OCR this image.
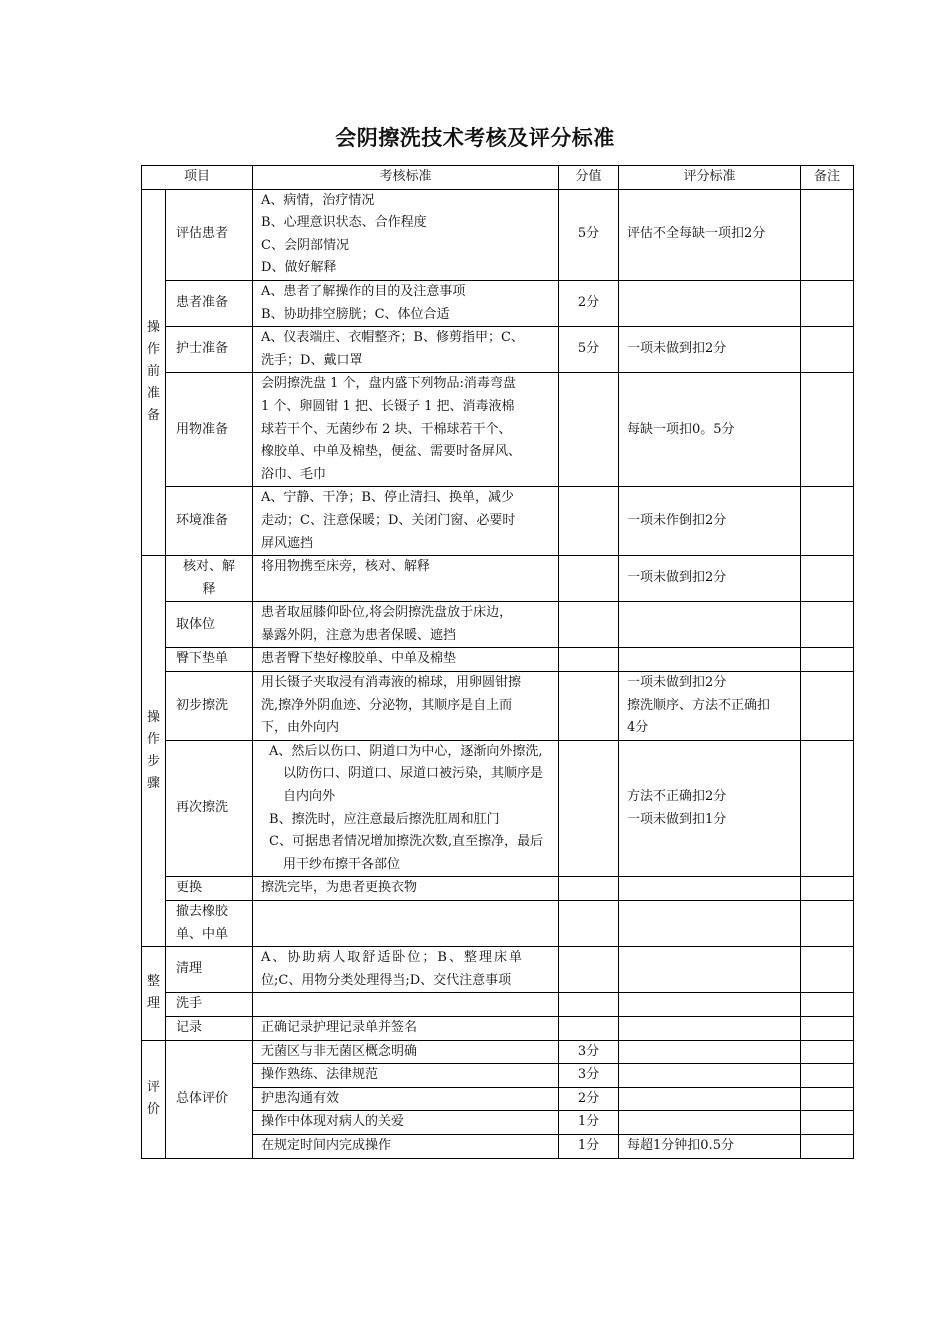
会阴擦洗技术考核及评分标准
项目		考核标准	分值	评分标准	备注

操作前准备	评估患者	A、病情，治疗情况
B、心理意识状态、合作程度
C、会阴部情况
D、做好解释	5分	评估不全每缺一项扣2分	
	患者准备	A、患者了解操作的目的及注意事项
B、协助排空膀胱；C、体位合适	2分		
	护士准备	A、仪表端庄、衣帽整齐；B、修剪指甲；C、
洗手；D、戴口罩	5分	一项未做到扣2分	
	用物准备	会阴擦洗盘 1 个，盘内盛下列物品:消毒弯盘
1 个、卵圆钳 1 把、长镊子 1 把、消毒液棉
球若干个、无菌纱布 2 块、干棉球若干个、
橡胶单、中单及棉垫，便盆、需要时备屏风、
浴巾、毛巾		每缺一项扣0。5分	
	环境准备	A、宁静、干净；B、停止清扫、换单，减少
走动；C、注意保暖；D、关闭门窗、必要时
屏风遮挡		一项未作倒扣2分	

操作步骤	核对、解
释	将用物携至床旁，核对、解释		一项未做到扣2分	
	取体位	患者取屈膝仰卧位,将会阴擦洗盘放于床边，
暴露外阴，注意为患者保暖、遮挡			

	臀下垫单	患者臀下垫好橡胶单、中单及棉垫			
	初步擦洗	用长镊子夹取浸有消毒液的棉球，用卵圆钳擦
洗,擦净外阴血迹、分泌物，其顺序是自上而
下，由外向内		一项未做到扣2分
擦洗顺序、方法不正确扣
4分	

	再次擦洗	A、然后以伤口、阴道口为中心，逐渐向外擦洗,以防伤口、阴道口、尿道口被污染，其顺序是自内向外
B、擦洗时，应注意最后擦洗肛周和肛门
C、可据患者情况增加擦洗次数,直至擦净，最后用干纱布擦干各部位		方法不正确扣2分
一项未做到扣1分	

	更换	擦洗完毕，为患者更换衣物			

	撤去橡胶
单、中单				

整理	清理	A、协助病人取舒适卧位；B、整理床单
位;C、用物分类处理得当;D、交代注意事项			

	洗手				
	记录	正确记录护理记录单并签名			

评价	总体评价	无菌区与非无菌区概念明确	3分		
		操作熟练、法律规范	3分		
		护患沟通有效	2分		
		操作中体现对病人的关爱	1分		
		在规定时间内完成操作	1分	每超1分钟扣0.5分	
